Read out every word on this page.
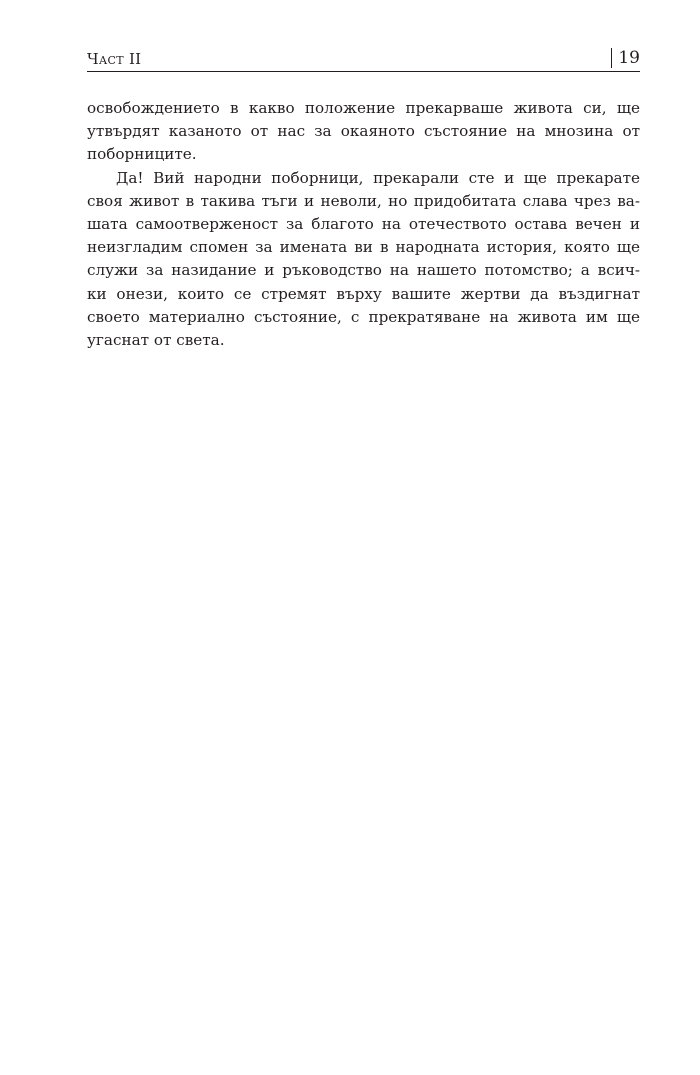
Част II	19

освобождението в какво положение прекарваше живота си, ще
утвърдят казаното от нас за окаяното състояние на мнозина от
поборниците.

Да! Вий народни поборници, прекарали сте и ще прекарате
своя живот в такива тъги и неволи, но придобитата слава чрез ва-
шата самоотверженост за благото на отечеството остава вечен и
неизгладим спомен за имената ви в народната история, която ще
служи за назидание и ръководство на нашето потомство; а всич-
ки онези, които се стремят върху вашите жертви да въздигнат
своето материално състояние, с прекратяване на живота им ще
угаснат от света.
